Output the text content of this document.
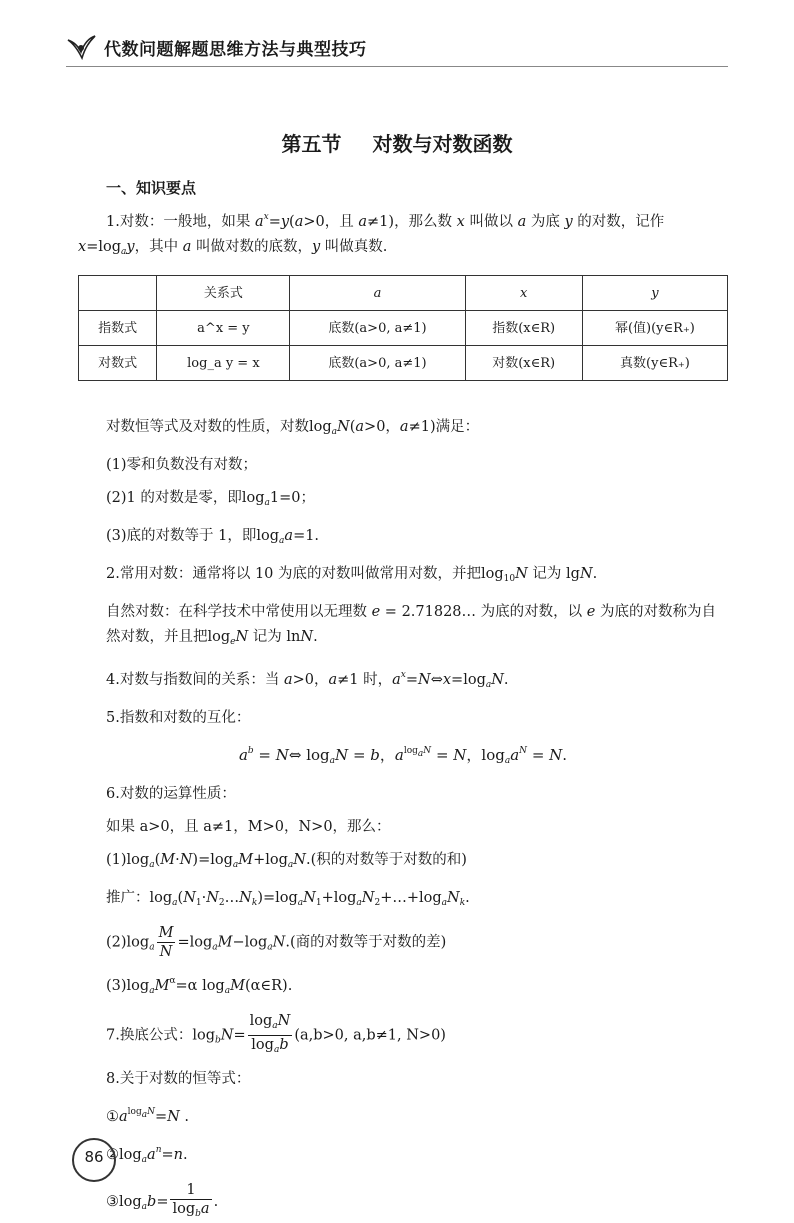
代数问题解题思维方法与典型技巧
第五节 对数与对数函数

一、知识要点

1.对数：一般地，如果 $a^x=y(a>0$，且 a≠1)，那么数 x 叫做以 a 为底 y 的对数，记作

$x=\log_ay$，其中 a 叫做对数的底数，y 叫做真数.

	关系式	a	x	y
指数式	a^x = y	底数(a>0, a≠1)	指数(x∈R)	幂(值)(y∈R₊)
对数式	log_a y = x	底数(a>0, a≠1)	对数(x∈R)	真数(y∈R₊)

对数恒等式及对数的性质，对数$\log_aN(a>0$，a≠1)满足：

(1)零和负数没有对数；

(2)1 的对数是零，即$\log_a1=0$；

(3)底的对数等于 1，即$\log_aa=1$.

2.常用对数：通常将以 10 为底的对数叫做常用对数，并把$\log_{10}N$ 记为 lgN.

自然对数：在科学技术中常使用以无理数 e = 2.71828… 为底的对数，以 e 为底的对数称为自然对数，并且把$\log_eN$ 记为 lnN.

4.对数与指数间的关系：当 a>0，a≠1 时，$a^x=N\Leftrightarrow x=\log_aN$.

5.指数和对数的互化：

$a^b$ = N⇔ $\log_aN = b$，$a^{log_aN} = N$，$\log_aa^N = N$.

6.对数的运算性质：

如果 a>0，且 a≠1，M>0，N>0，那么：

$(1)\log_a(M\cdot N)=\log_aM+\log_aN$.(积的对数等于对数的和)

推广：$\log_a(N_1\cdot N_2\dots N_k)=\log_aN_1+\log_aN_2+\dots+\log_aN_k$.

$(2)\log_a \frac{M}{N} =\log_aM-\log_aN$.(商的对数等于对数的差)

$(3)\log_aM^\alpha=\alpha$ $\log_aM(\alpha\in R)$.

7.换底公式：$\log_bN= \frac{\log_aN}{\log_ab} (a,b>0$, a,b≠1, N>0)

8.关于对数的恒等式：

$①a^{log_aN}=N$ .

$②\log_aa^n=n$.

$③\log_ab= \frac{1}{\log_ba}$ .

86
